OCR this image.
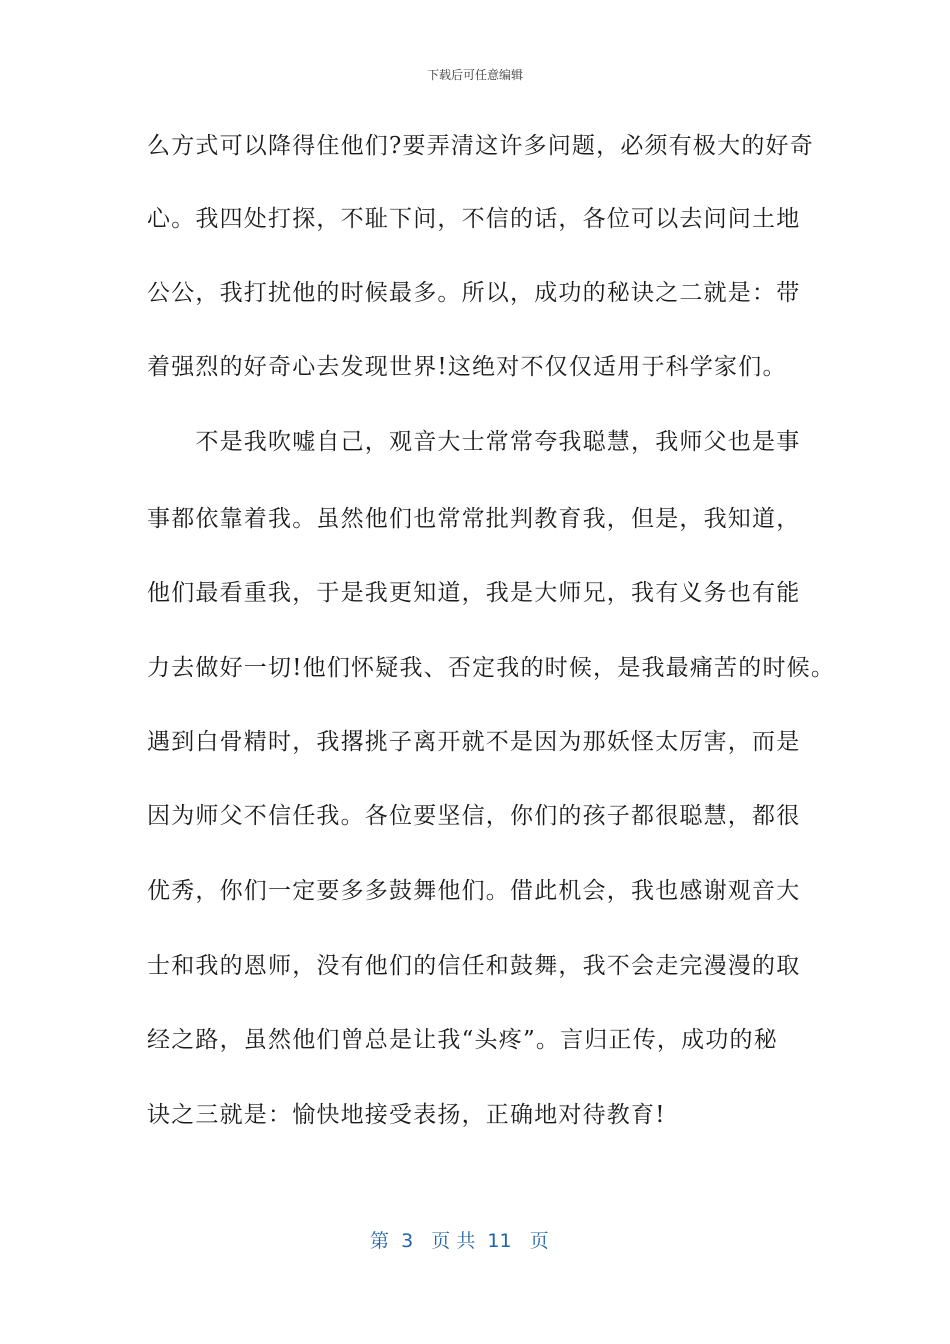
下载后可任意编辑
么方式可以降得住他们?要弄清这许多问题，必须有极大的好奇
心。我四处打探，不耻下问，不信的话，各位可以去问问土地
公公，我打扰他的时候最多。所以，成功的秘诀之二就是：带
着强烈的好奇心去发现世界!这绝对不仅仅适用于科学家们。
　　不是我吹嘘自己，观音大士常常夸我聪慧，我师父也是事
事都依靠着我。虽然他们也常常批判教育我，但是，我知道，
他们最看重我，于是我更知道，我是大师兄，我有义务也有能
力去做好一切!他们怀疑我、否定我的时候，是我最痛苦的时候。
遇到白骨精时，我撂挑子离开就不是因为那妖怪太厉害，而是
因为师父不信任我。各位要坚信，你们的孩子都很聪慧，都很
优秀，你们一定要多多鼓舞他们。借此机会，我也感谢观音大
士和我的恩师，没有他们的信任和鼓舞，我不会走完漫漫的取
经之路，虽然他们曾总是让我“头疼”。言归正传，成功的秘
诀之三就是：愉快地接受表扬，正确地对待教育!
第  3   页 共  11   页
